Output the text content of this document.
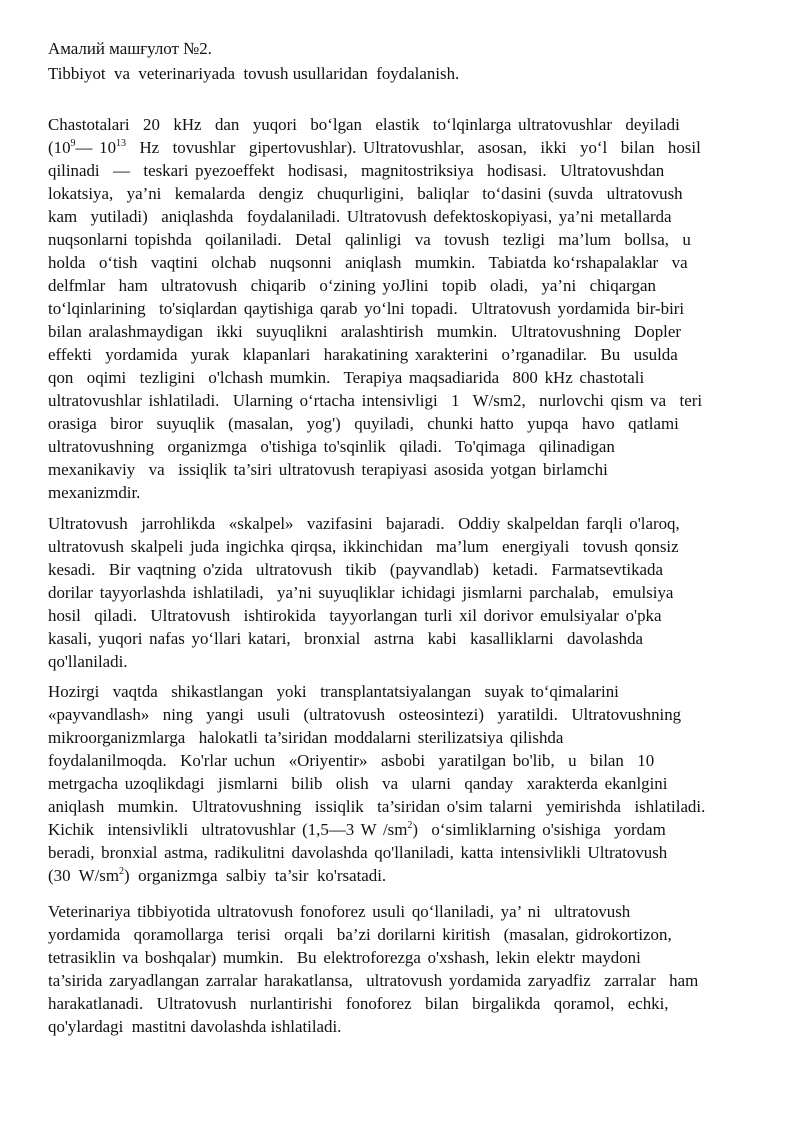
Амалий машғулот №2.

Tibbiyot  va  veterinariyada  tovush usullaridan  foydalanish.

Chastotalari  20  kHz  dan  yuqori  bo‘lgan  elastik  to‘lqinlarga ultratovushlar  deyiladi

($10^9—$ $10^{13}$  Hz  tovushlar  gipertovushlar). Ultratovushlar,  asosan,  ikki  yo‘l  bilan  hosil

qilinadi  —  teskari pyezoeffekt  hodisasi,  magnitostriksiya  hodisasi.  Ultratovushdan

lokatsiya,  ya’ni  kemalarda  dengiz  chuqurligini,  baliqlar  to‘dasini (suvda  ultratovush

kam  yutiladi)  aniqlashda  foydalaniladi. Ultratovush defektoskopiyasi, ya’ni metallarda

nuqsonlarni topishda  qoilaniladi.  Detal  qalinligi  va  tovush  tezligi  ma’lum  bollsa,  u

holda  o‘tish  vaqtini  olchab  nuqsonni  aniqlash  mumkin.  Tabiatda ko‘rshapalaklar  va

delfmlar  ham  ultratovush  chiqarib  o‘zining yoJlini  topib  oladi,  ya’ni  chiqargan

to‘lqinlarining  to'siqlardan qaytishiga qarab yo‘lni topadi.  Ultratovush yordamida bir-biri

bilan aralashmaydigan  ikki  suyuqlikni  aralashtirish  mumkin.  Ultratovushning  Dopler

effekti  yordamida  yurak  klapanlari  harakatining xarakterini  o’rganadilar.  Bu  usulda

qon  oqimi  tezligini  o'lchash mumkin.  Terapiya maqsadiarida  800 kHz chastotali

ultratovushlar ishlatiladi.  Ularning o‘rtacha intensivligi  1  W/sm2,  nurlovchi qism va  teri

orasiga  biror  suyuqlik  (masalan,  yog')  quyiladi,  chunki hatto  yupqa  havo  qatlami

ultratovushning  organizmga  o'tishiga to'sqinlik  qiladi.  To'qimaga  qilinadigan

mexanikaviy  va  issiqlik ta’siri ultratovush terapiyasi asosida yotgan birlamchi

mexanizmdir.

Ultratovush  jarrohlikda  «skalpel»  vazifasini  bajaradi.  Oddiy skalpeldan farqli o'laroq,

ultratovush skalpeli juda ingichka qirqsa, ikkinchidan  ma’lum  energiyali  tovush qonsiz

kesadi.  Bir vaqtning o'zida  ultratovush  tikib  (payvandlab)  ketadi.  Farmatsevtikada

dorilar tayyorlashda ishlatiladi,  ya’ni suyuqliklar ichidagi jismlarni parchalab,  emulsiya

hosil  qiladi.  Ultratovush  ishtirokida  tayyorlangan turli xil dorivor emulsiyalar o'pka

kasali, yuqori nafas yo‘llari katari,  bronxial  astrna  kabi  kasalliklarni  davolashda

qo'llaniladi.

Hozirgi  vaqtda  shikastlangan  yoki  transplantatsiyalangan  suyak to‘qimalarini

«payvandlash»  ning  yangi  usuli  (ultratovush  osteosintezi)  yaratildi.  Ultratovushning

mikroorganizmlarga  halokatli ta’siridan moddalarni sterilizatsiya qilishda

foydalanilmoqda.  Ko'rlar uchun  «Oriyentir»  asbobi  yaratilgan bo'lib,  u  bilan  10

metrgacha uzoqlikdagi  jismlarni  bilib  olish  va  ularni  qanday  xarakterda ekanlgini

aniqlash  mumkin.  Ultratovushning  issiqlik  ta’siridan o'sim talarni  yemirishda  ishlatiladi.

Kichik  intensivlikli  ultratovushlar (1,5—3 W $/sm^2$)  o‘simliklarning o'sishiga  yordam

beradi, bronxial astma, radikulitni davolashda qo'llaniladi, katta intensivlikli Ultratovush

(30  $W/sm^2$)  organizmga  salbiy  ta’sir  ko'rsatadi.

Veterinariya tibbiyotida ultratovush fonoforez usuli qo‘llaniladi, ya’ ni  ultratovush

yordamida  qoramollarga  terisi  orqali  ba’zi dorilarni kiritish  (masalan, gidrokortizon,

tetrasiklin va boshqalar) mumkin.  Bu elektroforezga o'xshash, lekin elektr maydoni

ta’sirida zaryadlangan zarralar harakatlansa,  ultratovush yordamida zaryadfiz  zarralar  ham

harakatlanadi.  Ultratovush  nurlantirishi  fonoforez  bilan  birgalikda  qoramol,  echki,

qo'ylardagi  mastitni davolashda ishlatiladi.
